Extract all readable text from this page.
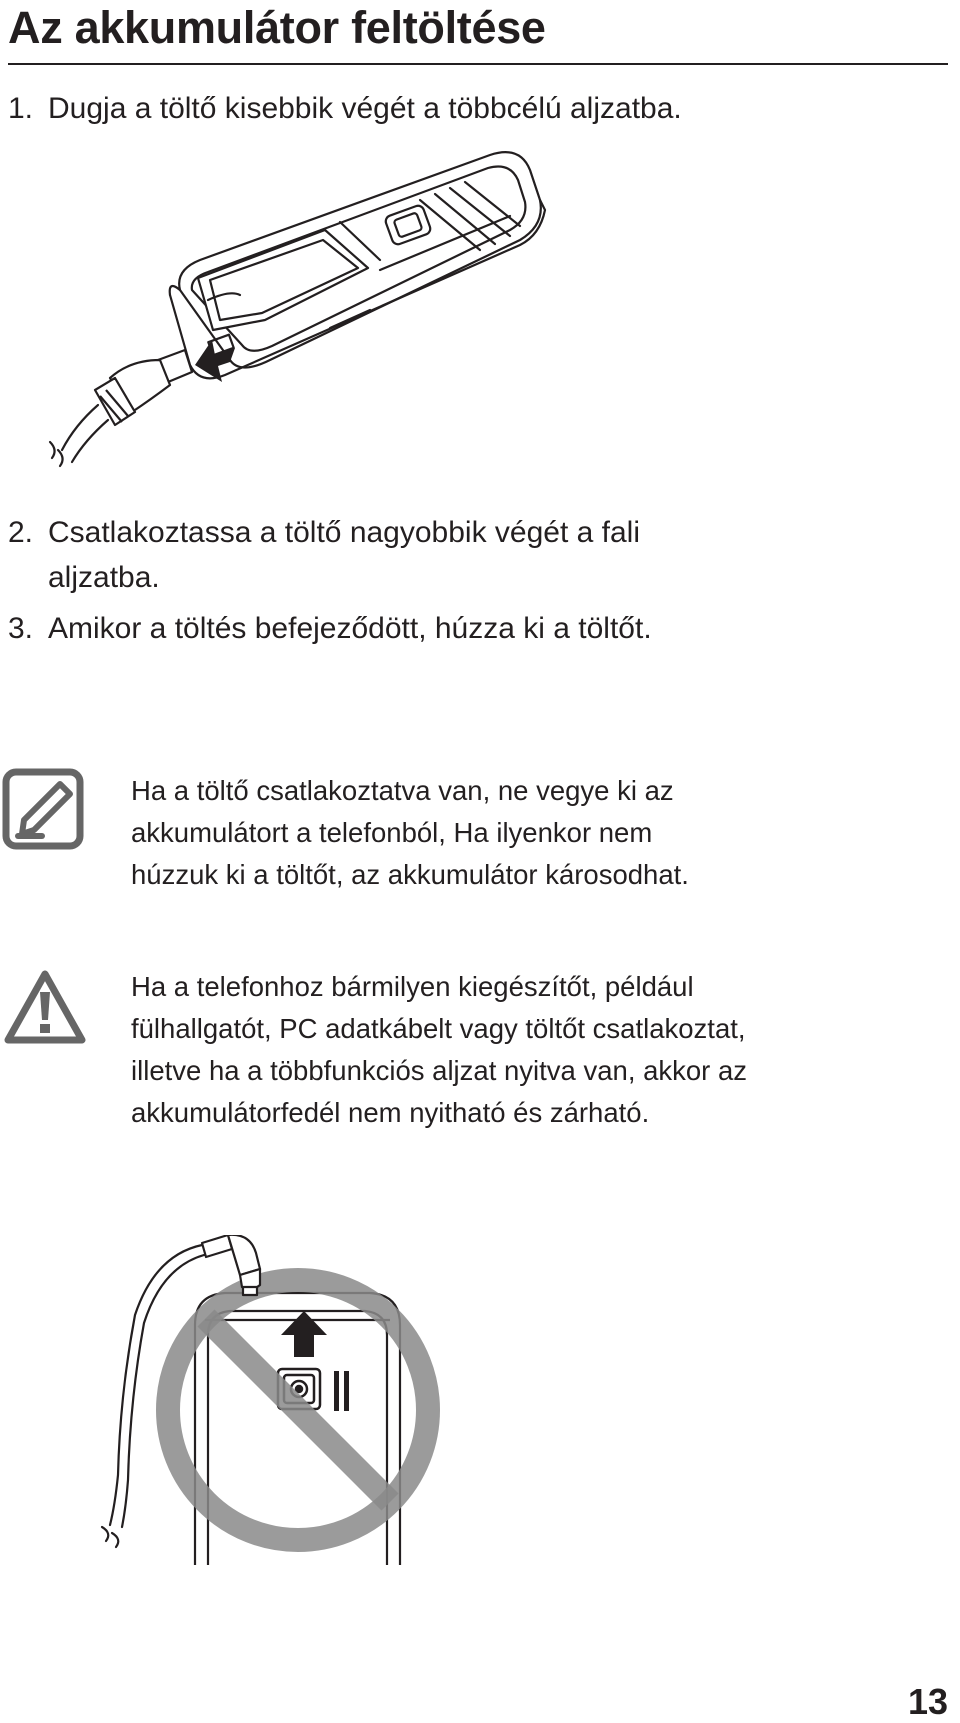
Az akkumulátor feltöltése

1. Dugja a töltő kisebbik végét a többcélú aljzatba.

2. Csatlakoztassa a töltő nagyobbik végét a fali
aljzatba.

3. Amikor a töltés befejeződött, húzza ki a töltőt.

Ha a töltő csatlakoztatva van, ne vegye ki az
akkumulátort a telefonból, Ha ilyenkor nem
húzzuk ki a töltőt, az akkumulátor károsodhat.
Ha a telefonhoz bármilyen kiegészítőt, például
fülhallgatót, PC adatkábelt vagy töltőt csatlakoztat,
illetve ha a többfunkciós aljzat nyitva van, akkor az
akkumulátorfedél nem nyitható és zárható.
13
